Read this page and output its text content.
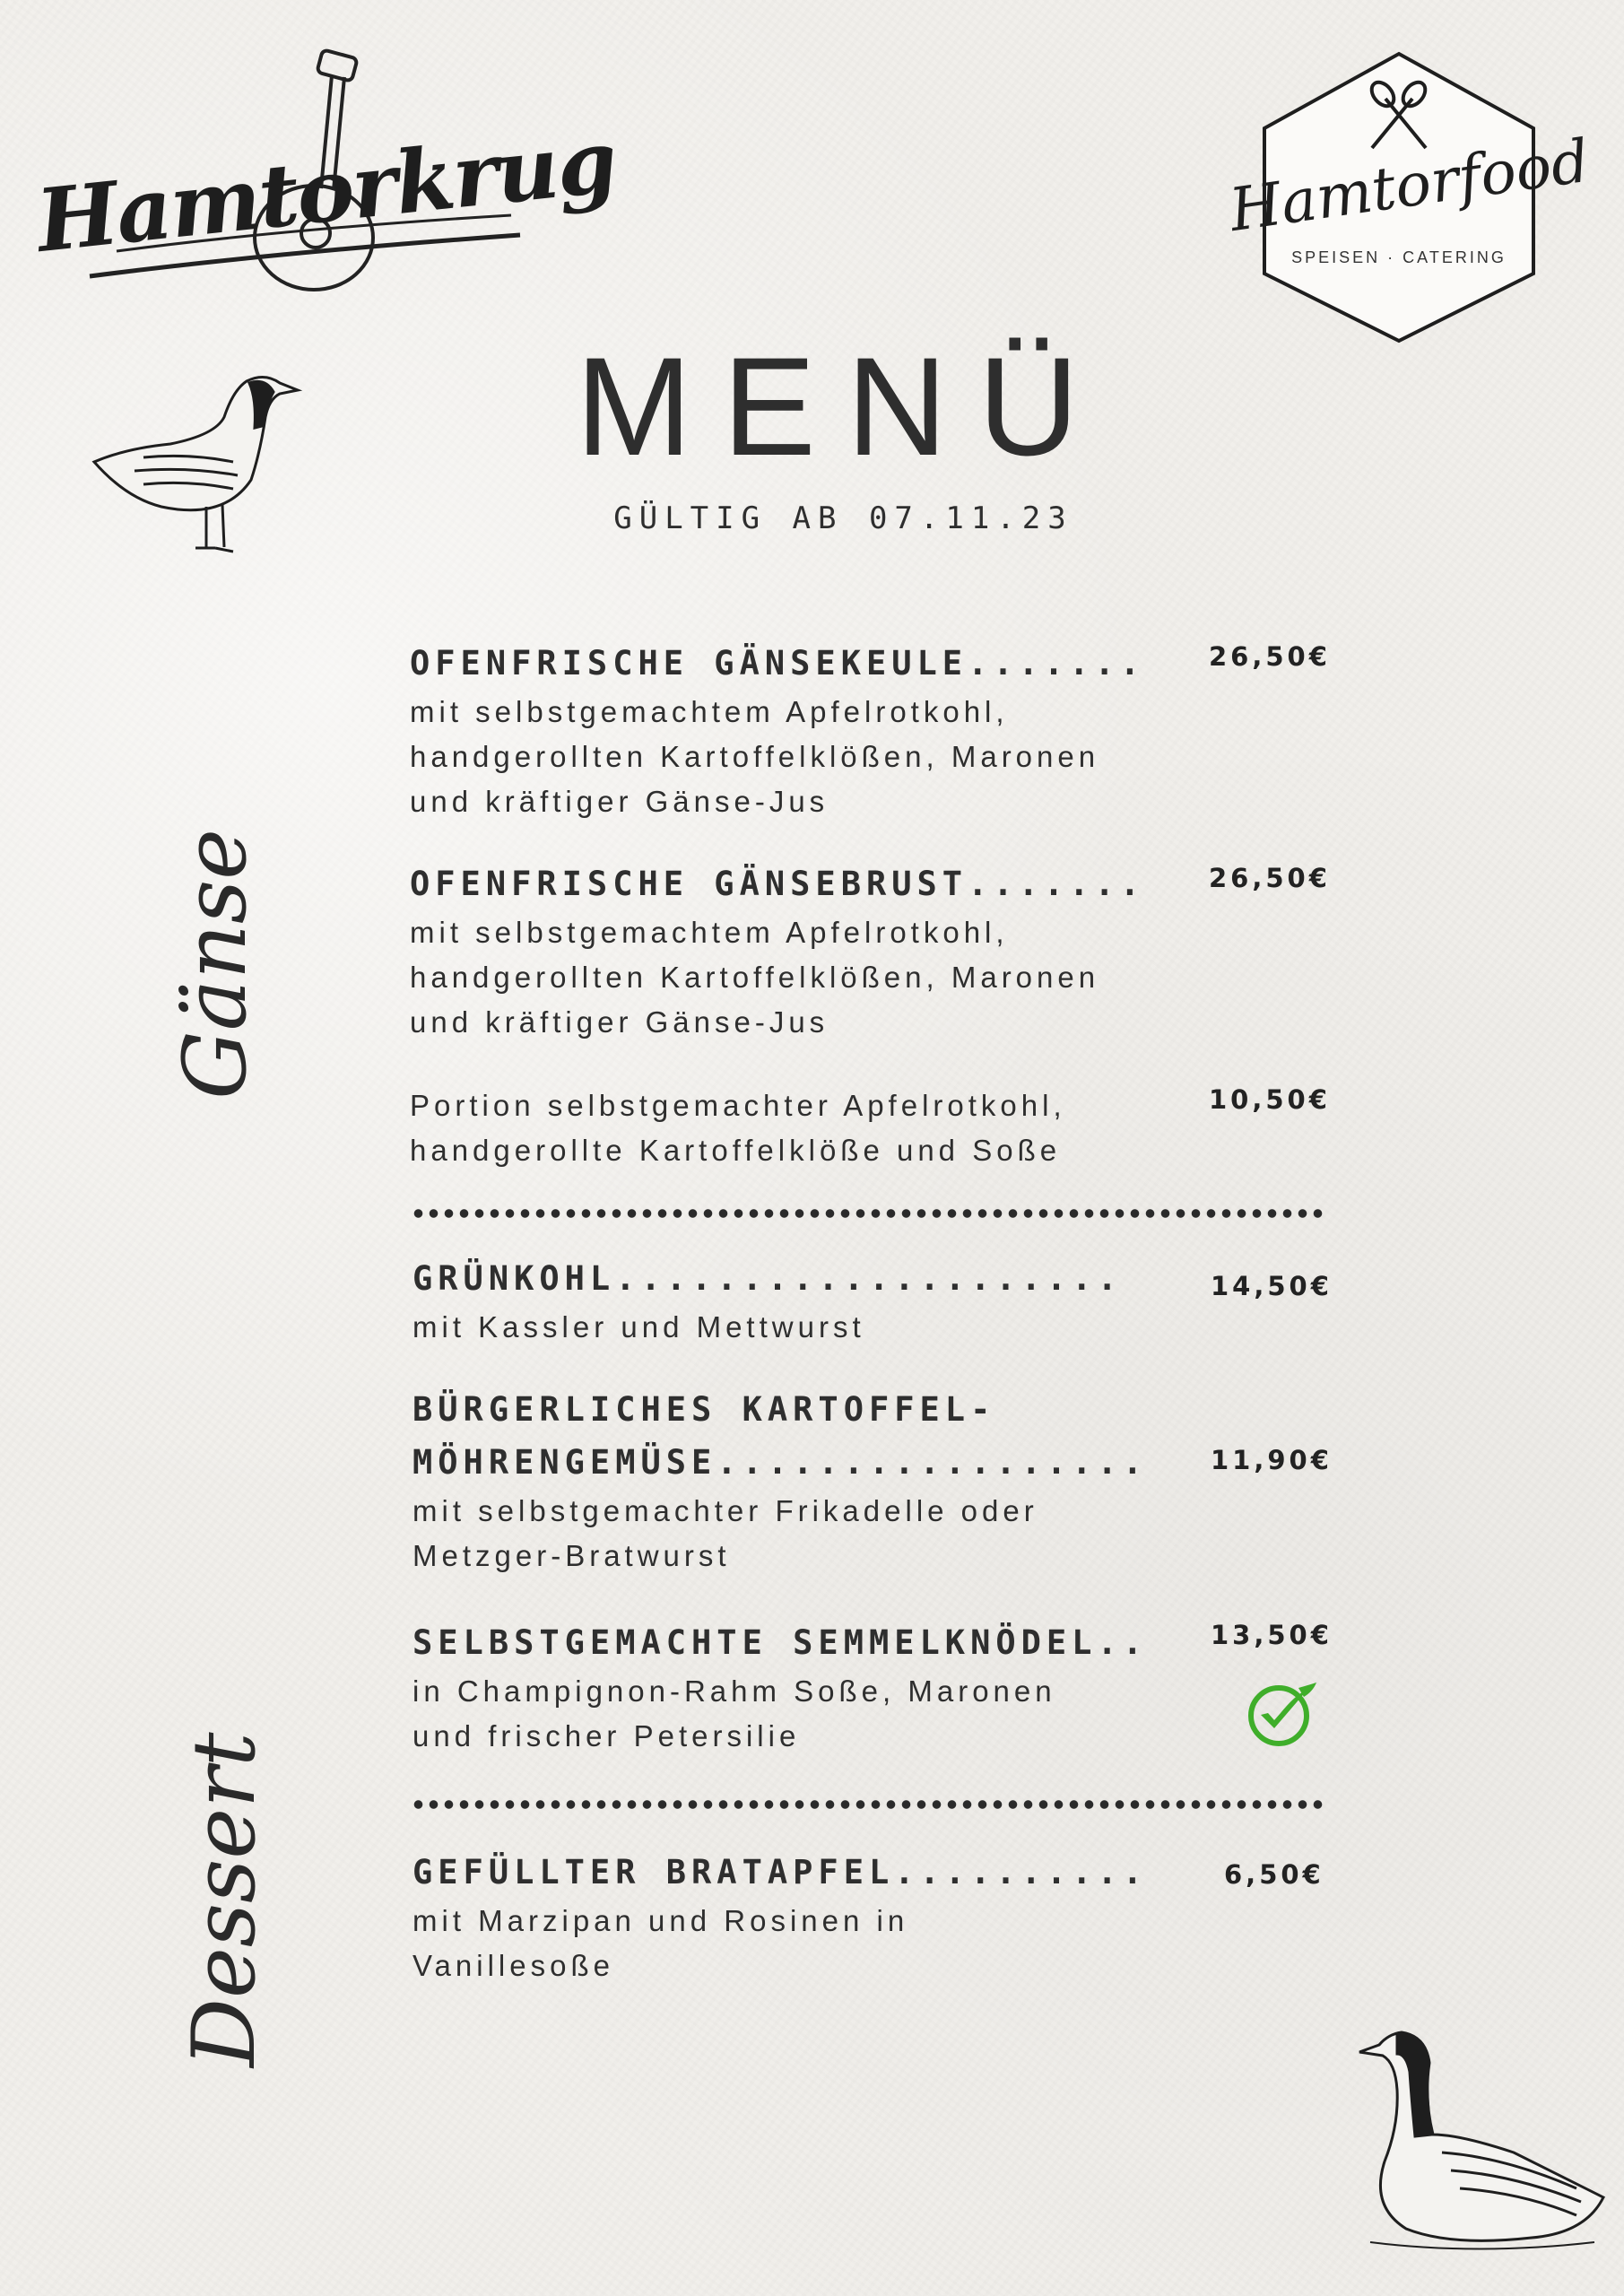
Hamtorkrug	Hamtorfood
SPEISEN · CATERING
MENÜ
GÜLTIG AB 07.11.23
Gänse
Dessert
OFENFRISCHE GÄNSEKEULE.......
mit selbstgemachtem Apfelrotkohl,
handgerollten Kartoffelklößen, Maronen
und kräftiger Gänse-Jus
26,50€
OFENFRISCHE GÄNSEBRUST.......
mit selbstgemachtem Apfelrotkohl,
handgerollten Kartoffelklößen, Maronen
und kräftiger Gänse-Jus
26,50€
Portion selbstgemachter Apfelrotkohl,
handgerollte Kartoffelklöße und Soße
10,50€
GRÜNKOHL....................
mit Kassler und Mettwurst
14,50€
BÜRGERLICHES KARTOFFEL-
MÖHRENGEMÜSE.................
mit selbstgemachter Frikadelle oder
Metzger-Bratwurst
11,90€
SELBSTGEMACHTE SEMMELKNÖDEL..
in Champignon-Rahm Soße, Maronen
und frischer Petersilie
13,50€
GEFÜLLTER BRATAPFEL..........
mit Marzipan und Rosinen in
Vanillesoße
6,50€
